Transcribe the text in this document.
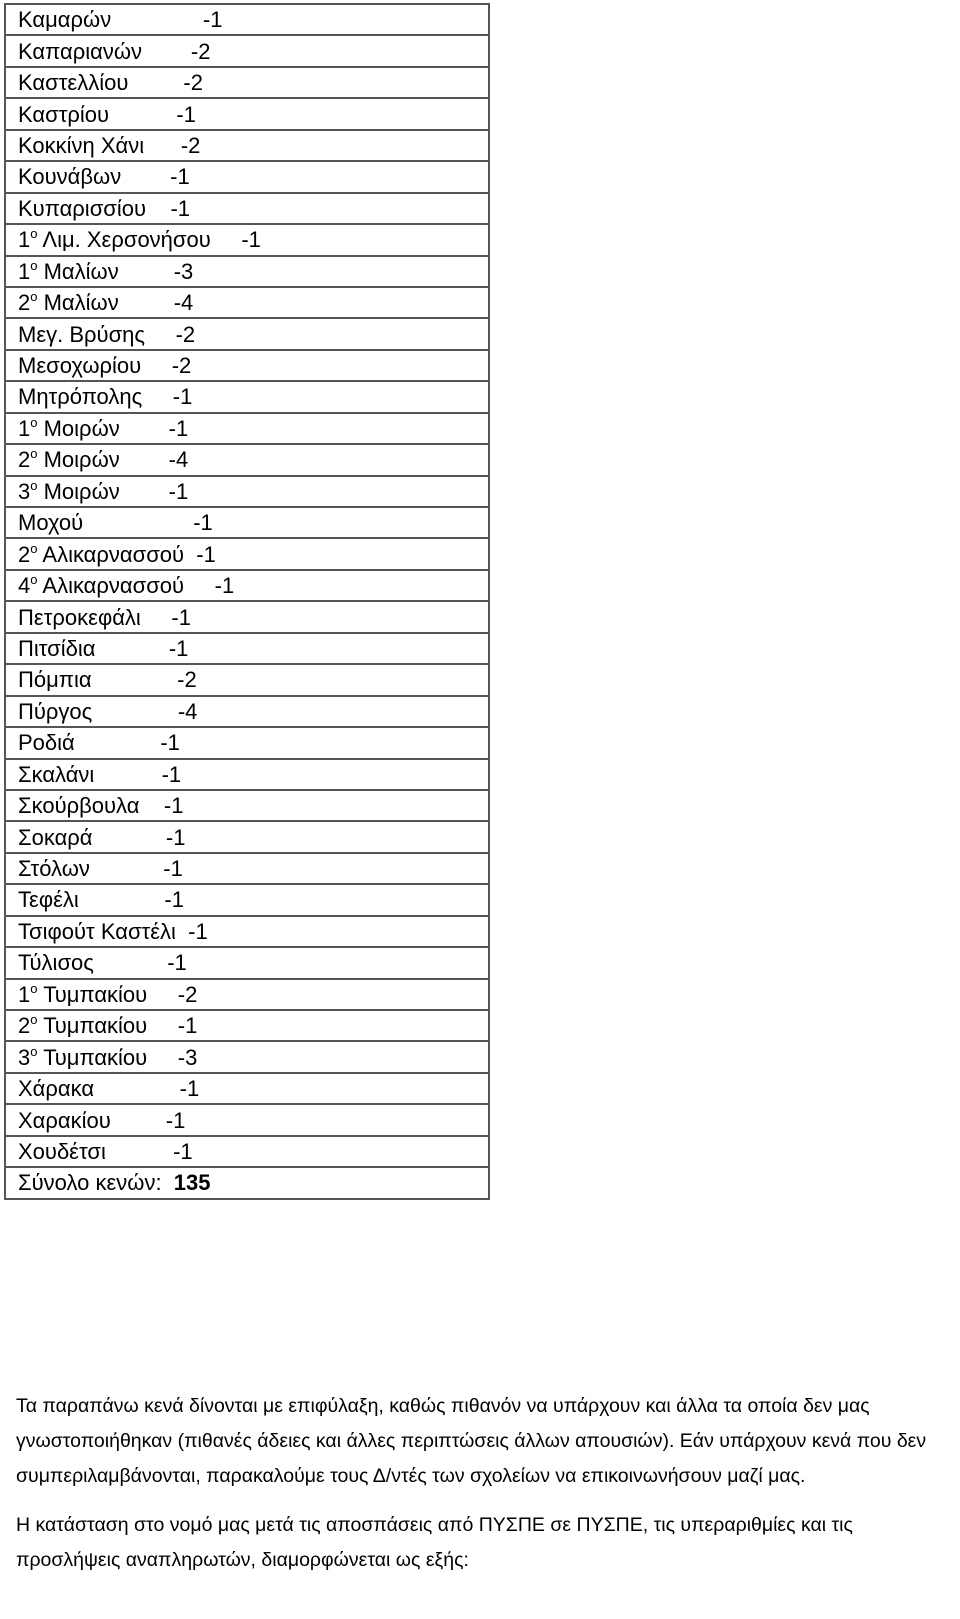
Καμαρών	-1
Καπαριανών -2
Καστελλίου	-2
Καστρίου	-1
Κοκκίνη Χάνι -2
Κουνάβων -1
Κυπαρισσίου -1
$1^o$ Λιμ. Χερσονήσου -1
$1^o$ Μαλίων	-3
$2^o$ Μαλίων	-4
Μεγ. Βρύσης -2
Μεσοχωρίου -2
Μητρόπολης -1
$1^o$ Μοιρών -1
$2^o$ Μοιρών -4
$3^o$ Μοιρών -1
Μοχού	-1
$2^o$ Αλικαρνασσού -1
$4^o$ Αλικαρνασσού -1
Πετροκεφάλι -1
Πιτσίδια	-1
Πόμπια	-2
Πύργος	-4
Ροδιά	-1
Σκαλάνι	-1
Σκούρβουλα -1
Σοκαρά	-1
Στόλων	-1
Τεφέλι	-1
Τσιφούτ Καστέλι -1
Τύλισος	-1
$1^o$ Τυμπακίου -2
$2^o$ Τυμπακίου -1
$3^o$ Τυμπακίου -3
Χάρακα	-1
Χαρακίου	-1
Χουδέτσι	-1
Σύνολο κενών: 135

Τα παραπάνω κενά δίνονται με επιφύλαξη, καθώς πιθανόν να υπάρχουν και άλλα τα οποία δεν μας γνωστοποιήθηκαν (πιθανές άδειες και άλλες περιπτώσεις άλλων απουσιών). Εάν υπάρχουν κενά που δεν συμπεριλαμβάνονται, παρακαλούμε τους Δ/ντές των σχολείων να επικοινωνήσουν μαζί μας.

Η κατάσταση στο νομό μας μετά τις αποσπάσεις από ΠΥΣΠΕ σε ΠΥΣΠΕ, τις υπεραριθμίες και τις προσλήψεις αναπληρωτών, διαμορφώνεται ως εξής:
